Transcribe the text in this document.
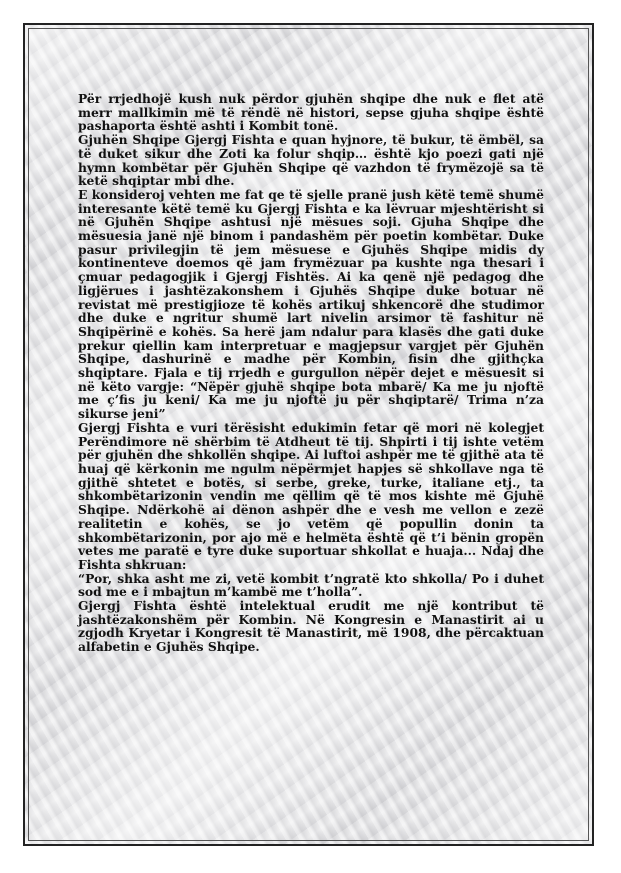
Për rrjedhojë kush nuk përdor gjuhën shqipe dhe nuk e flet atë merr mallkimin më të rëndë në histori, sepse gjuha shqipe është pashaporta është ashti i Kombit tonë.

Gjuhën Shqipe Gjergj Fishta e quan hyjnore, të bukur, të ëmbël, sa të duket sikur dhe Zoti ka folur shqip… është kjo poezi gati një hymn kombëtar për Gjuhën Shqipe që vazhdon të frymëzojë sa të ketë shqiptar mbi dhe.

E konsideroj vehten me fat qe të sjelle pranë jush këtë temë shumë interesante këtë temë ku Gjergj Fishta e ka lëvruar mjeshtërisht si në Gjuhën Shqipe ashtusi një mësues soji. Gjuha Shqipe dhe mësuesia janë një binom i pandashëm për poetin kombëtar. Duke pasur privilegjin të jem mësuese e Gjuhës Shqipe midis dy kontinenteve doemos që jam frymëzuar pa kushte nga thesari i çmuar pedagogjik i Gjergj Fishtës. Ai ka qenë një pedagog dhe ligjërues i jashtëzakonshem i Gjuhës Shqipe duke botuar në revistat më prestigjioze të kohës artikuj shkencorë dhe studimor dhe duke e ngritur shumë lart nivelin arsimor të fashitur në Shqipërinë e kohës. Sa herë jam ndalur para klasës dhe gati duke prekur qiellin kam interpretuar e magjepsur vargjet për Gjuhën Shqipe, dashurinë e madhe për Kombin, fisin dhe gjithçka shqiptare. Fjala e tij rrjedh e gurgullon nëpër dejet e mësuesit si në këto vargje: “Nëpër gjuhë shqipe bota mbarë/ Ka me ju njoftë me ç’fis ju keni/ Ka me ju njoftë ju për shqiptarë/ Trima n’za sikurse jeni”

Gjergj Fishta e vuri tërësisht edukimin fetar që mori në kolegjet Perëndimore në shërbim të Atdheut të tij. Shpirti i tij ishte vetëm për gjuhën dhe shkollën shqipe. Ai luftoi ashpër me të gjithë ata të huaj që kërkonin me ngulm nëpërmjet hapjes së shkollave nga të gjithë shtetet e botës, si serbe, greke, turke, italiane etj., ta shkombëtarizonin vendin me qëllim që të mos kishte më Gjuhë Shqipe. Ndërkohë ai dënon ashpër dhe e vesh me vellon e zezë realitetin e kohës, se jo vetëm që popullin donin ta shkombëtarizonin, por ajo më e helmëta është që t’i bënin gropën vetes me paratë e tyre duke suportuar shkollat e huaja... Ndaj dhe Fishta shkruan:

“Por, shka asht me zi, vetë kombit t’ngratë kto shkolla/ Po i duhet sod me e i mbajtun m’kambë me t’holla”.

Gjergj Fishta është intelektual erudit me një kontribut të jashtëzakonshëm për Kombin. Në Kongresin e Manastirit ai u zgjodh Kryetar i Kongresit të Manastirit, më 1908, dhe përcaktuan alfabetin e Gjuhës Shqipe.
